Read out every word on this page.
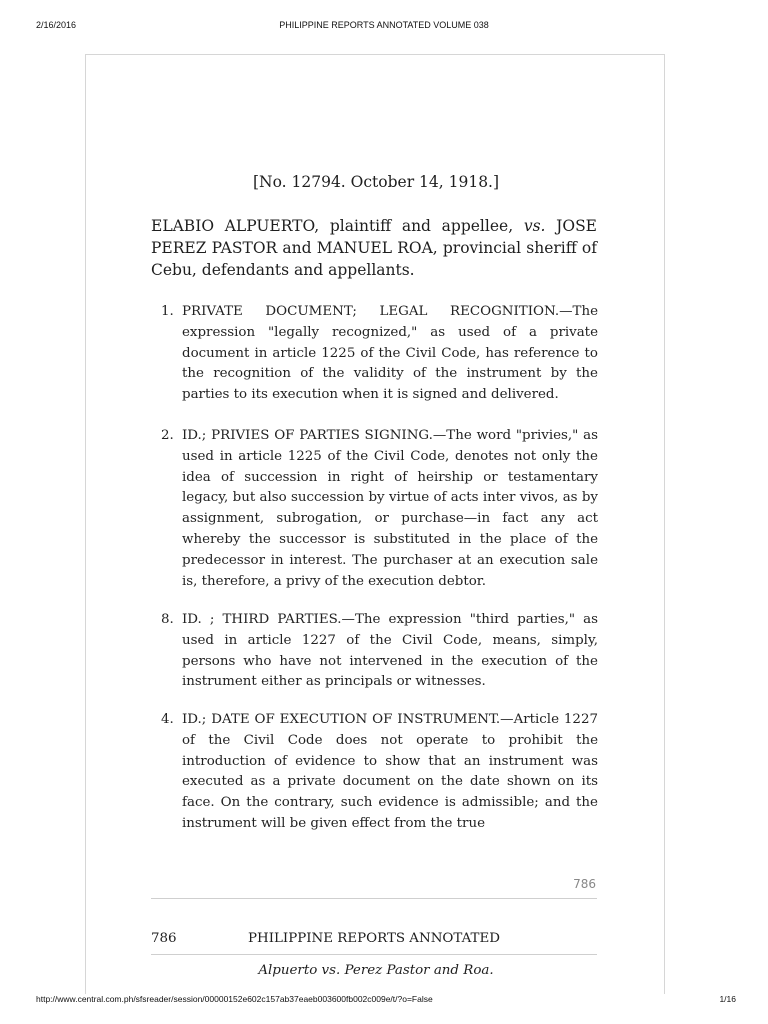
2/16/2016	PHILIPPINE REPORTS ANNOTATED VOLUME 038
[No. 12794. October 14, 1918.]
ELABIO ALPUERTO, plaintiff and appellee, vs. JOSE PEREZ PASTOR and MANUEL ROA, provincial sheriff of Cebu, defendants and appellants.
1. PRIVATE DOCUMENT; LEGAL RECOGNITION.—The expression "legally recognized," as used of a private document in article 1225 of the Civil Code, has reference to the recognition of the validity of the instrument by the parties to its execution when it is signed and delivered.
2. ID.; PRIVIES OF PARTIES SIGNING.—The word "privies," as used in article 1225 of the Civil Code, denotes not only the idea of succession in right of heirship or testamentary legacy, but also succession by virtue of acts inter vivos, as by assignment, subrogation, or purchase—in fact any act whereby the successor is substituted in the place of the predecessor in interest. The purchaser at an execution sale is, therefore, a privy of the execution debtor.
8. ID. ; THIRD PARTIES.—The expression "third parties," as used in article 1227 of the Civil Code, means, simply, persons who have not intervened in the execution of the instrument either as principals or witnesses.
4. ID.; DATE OF EXECUTION OF INSTRUMENT.—Article 1227 of the Civil Code does not operate to prohibit the introduction of evidence to show that an instrument was executed as a private document on the date shown on its face. On the contrary, such evidence is admissible; and the instrument will be given effect from the true
786
786	PHILIPPINE REPORTS ANNOTATED
Alpuerto vs. Perez Pastor and Roa.
http://www.central.com.ph/sfsreader/session/00000152e602c157ab37eaeb003600fb002c009e/t/?o=False	1/16
